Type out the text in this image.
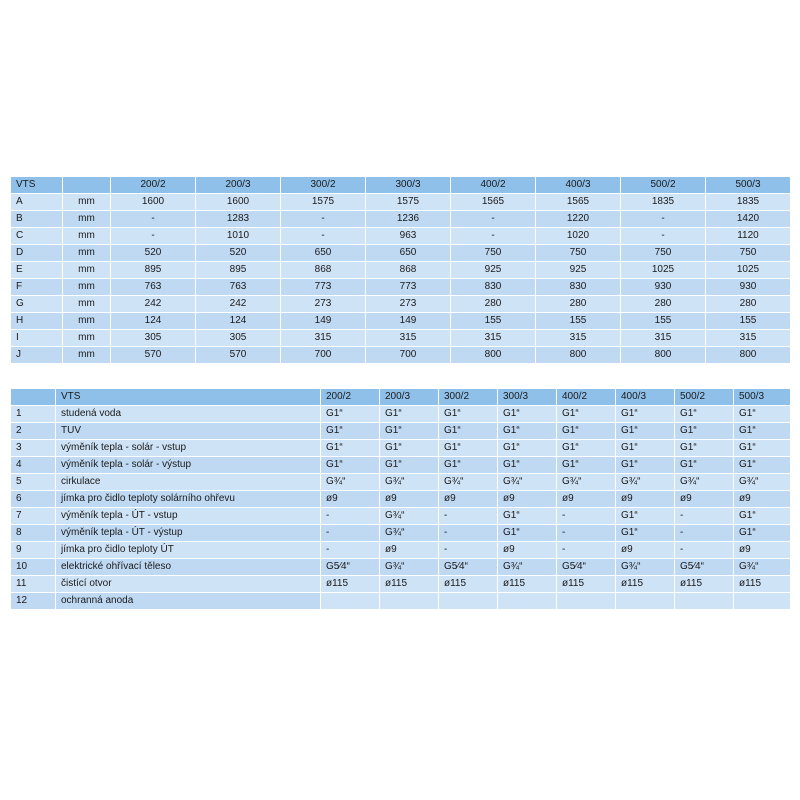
VTS		200/2	200/3	300/2	300/3	400/2	400/3	500/2	500/3
A	mm	1600	1600	1575	1575	1565	1565	1835	1835
B	mm	-	1283	-	1236	-	1220	-	1420
C	mm	-	1010	-	963	-	1020	-	1120
D	mm	520	520	650	650	750	750	750	750
E	mm	895	895	868	868	925	925	1025	1025
F	mm	763	763	773	773	830	830	930	930
G	mm	242	242	273	273	280	280	280	280
H	mm	124	124	149	149	155	155	155	155
I	mm	305	305	315	315	315	315	315	315
J	mm	570	570	700	700	800	800	800	800
	VTS	200/2	200/3	300/2	300/3	400/2	400/3	500/2	500/3
1	studená voda	G1“	G1“	G1“	G1“	G1“	G1“	G1“	G1“
2	TUV	G1“	G1“	G1“	G1“	G1“	G1“	G1“	G1“
3	výměník tepla - solár - vstup	G1“	G1“	G1“	G1“	G1“	G1“	G1“	G1“
4	výměník tepla - solár - výstup	G1“	G1“	G1“	G1“	G1“	G1“	G1“	G1“
5	cirkulace	G¾“	G¾“	G¾“	G¾“	G¾“	G¾“	G¾“	G¾“
6	jímka pro čidlo teploty solárního ohřevu	ø9	ø9	ø9	ø9	ø9	ø9	ø9	ø9
7	výměník tepla - ÚT - vstup	-	G¾“	-	G1“	-	G1“	-	G1“
8	výměník tepla - ÚT - výstup	-	G¾“	-	G1“	-	G1“	-	G1“
9	jímka pro čidlo teploty ÚT	-	ø9	-	ø9	-	ø9	-	ø9
10	elektrické ohřívací těleso	G5⁄4“	G¾“	G5⁄4“	G¾“	G5⁄4“	G¾“	G5⁄4“	G¾“
11	čistící otvor	ø115	ø115	ø115	ø115	ø115	ø115	ø115	ø115
12	ochranná anoda								
